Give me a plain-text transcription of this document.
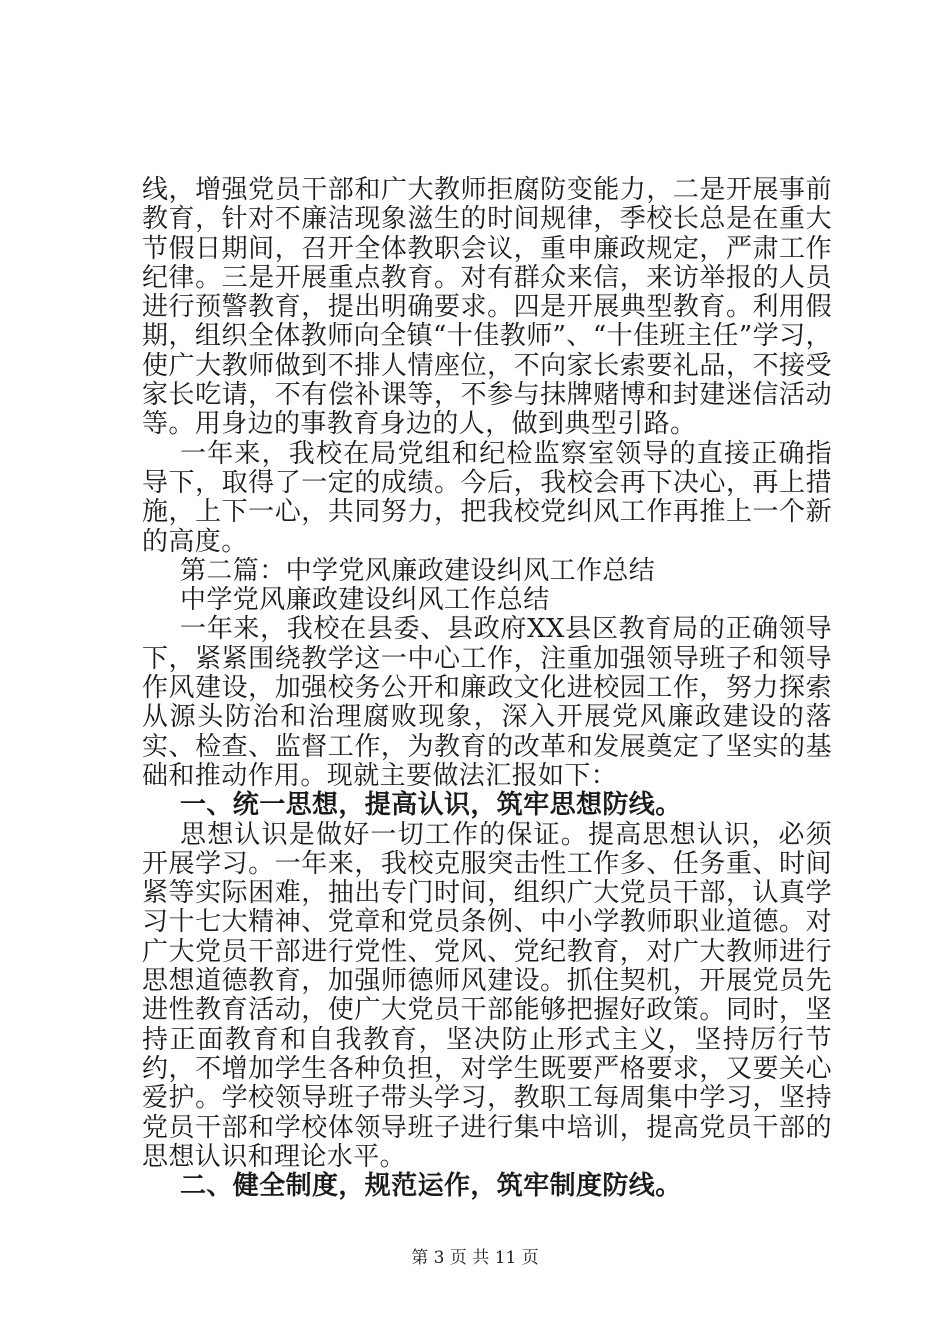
线，增强党员干部和广大教师拒腐防变能力，二是开展事前教育，针对不廉洁现象滋生的时间规律，季校长总是在重大节假日期间，召开全体教职会议，重申廉政规定，严肃工作纪律。三是开展重点教育。对有群众来信，来访举报的人员进行预警教育，提出明确要求。四是开展典型教育。利用假期，组织全体教师向全镇“十佳教师”、“十佳班主任”学习，使广大教师做到不排人情座位，不向家长索要礼品，不接受家长吃请，不有偿补课等，不参与抹牌赌博和封建迷信活动等。用身边的事教育身边的人，做到典型引路。

一年来，我校在局党组和纪检监察室领导的直接正确指导下，取得了一定的成绩。今后，我校会再下决心，再上措施，上下一心，共同努力，把我校党纠风工作再推上一个新的高度。

第二篇：中学党风廉政建设纠风工作总结

中学党风廉政建设纠风工作总结

一年来，我校在县委、县政府XX县区教育局的正确领导下，紧紧围绕教学这一中心工作，注重加强领导班子和领导作风建设，加强校务公开和廉政文化进校园工作，努力探索从源头防治和治理腐败现象，深入开展党风廉政建设的落实、检查、监督工作，为教育的改革和发展奠定了坚实的基础和推动作用。现就主要做法汇报如下：

一、统一思想，提高认识，筑牢思想防线。

思想认识是做好一切工作的保证。提高思想认识，必须开展学习。一年来，我校克服突击性工作多、任务重、时间紧等实际困难，抽出专门时间，组织广大党员干部，认真学习十七大精神、党章和党员条例、中小学教师职业道德。对广大党员干部进行党性、党风、党纪教育，对广大教师进行思想道德教育，加强师德师风建设。抓住契机，开展党员先进性教育活动，使广大党员干部能够把握好政策。同时，坚持正面教育和自我教育，坚决防止形式主义，坚持厉行节约，不增加学生各种负担，对学生既要严格要求，又要关心爱护。学校领导班子带头学习，教职工每周集中学习，坚持党员干部和学校体领导班子进行集中培训，提高党员干部的思想认识和理论水平。

二、健全制度，规范运作，筑牢制度防线。

第 3 页 共 11 页
